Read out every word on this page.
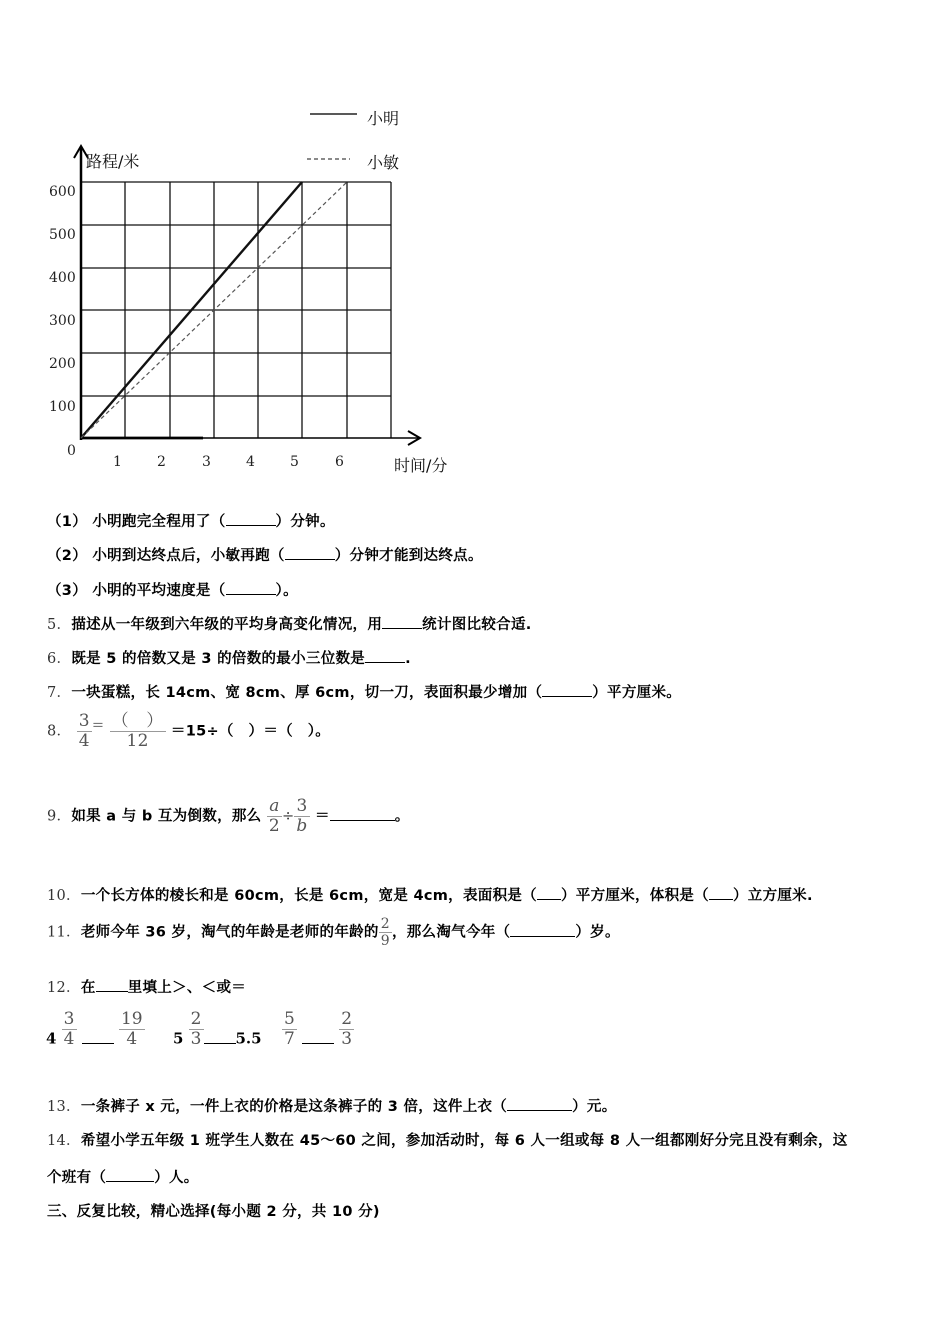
小明
小敏
路程/米
时间/分
600
500
400
300
200
100
0
1	2	3	4	5	6
（1） 小明跑完全程用了（	）分钟。
（2） 小明到达终点后，小敏再跑（	）分钟才能到达终点。
（3） 小明的平均速度是（	）。
5．描述从一年级到六年级的平均身高变化情况，用	统计图比较合适.
6．既是 5 的倍数又是 3 的倍数的最小三位数是	.
7．一块蛋糕，长 14cm、宽 8cm、厚 6cm，切一刀，表面积最少增加（	）平方厘米。
8． $\frac{3}{4} = \frac{( )}{12} =15\div$（　）＝（　）。
9．如果 a 与 b 互为倒数，那么 $\frac{a}{2} \div \frac{3}{b}$ ＝	。
10．一个长方体的棱长和是 60cm，长是 6cm，宽是 4cm，表面积是（ ）平方厘米，体积是（ ）立方厘米.
11．老师今年 36 岁，淘气的年龄是老师的年龄的 $\frac{2}{9}$ ，那么淘气今年（	）岁。
12．在 里填上＞、＜或＝
$4 \frac{3}{4}$
$\frac{19}{4} 5 \frac{2}{3} 5.5 \frac{5}{7}$
$\frac{2}{3}$
13．一条裤子 x 元，一件上衣的价格是这条裤子的 3 倍，这件上衣（	）元。
14．希望小学五年级 1 班学生人数在 45～60 之间，参加活动时，每 6 人一组或每 8 人一组都刚好分完且没有剩余，这
个班有（	）人。
三、反复比较，精心选择(每小题 2 分，共 10 分)
